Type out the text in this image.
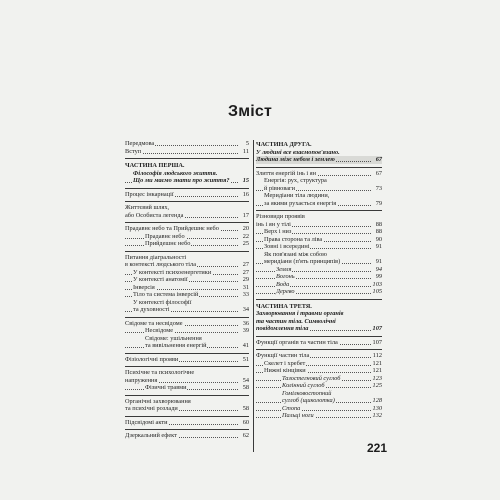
Зміст
Передмова	5
Вступ	11
ЧАСТИНА ПЕРША.
Філософія людського життя.
Що ми маємо знати про життя? 15
Процес інкарнації	16
Життєвий шлях,
або Особиста легенда	17
Прадавнє небо та Прийдешнє небо	20
Прадавнє небо	22
Прийдешнє небо	25
Питання діагральності
в контексті людського тіла	27
У контексті психоенергетики	27
У контексті анатомії	29
Інверсія	31
Тіло та система інверсій	33
У контексті філософії
та духовності	34
Свідоме та несвідоме	36
Несвідоме	39
Свідоме: ушільнення
та вивільнення енергій	41
Фізіологічні прояви	51
Психічне та психологічне
напруження	54
Фізичні травми	58
Органічні захворювання
та психічні розлади	58
Підсвідомі акти	60
Дзеркальний ефект	62
ЧАСТИНА ДРУГА.
У людині все взаємопов'язано.
Людина між небом і землею	67
Злиття енергій інь і ян	67
Енергія: рух, структура
й рівноваги	73
Меридіани тіла людини,
за якими рухається енергія	79
Різновиди проявів
інь і ян у тілі	88
Верх і низ	88
Права сторона та ліва	90
Зовні і всередині	91
Як пов'язані між собою
меридіани (п'ять принципів)	91
Земля	94
Вогонь	99
Вода	103
Дерево	105
ЧАСТИНА ТРЕТЯ.
Захворювання і травми органів
та частин тіла. Символічні
повідомлення тіла	107
Функції органів та частин тіла	107
Функції частин тіла	112
Скелет і хребет	121
Нижні кінцівки	121
Тазостегновий суглоб	123
Колінний суглоб	125
Гомілковостопний
суглоб (щиколотка)	128
Стопа	130
Пальці ноги	132
221
